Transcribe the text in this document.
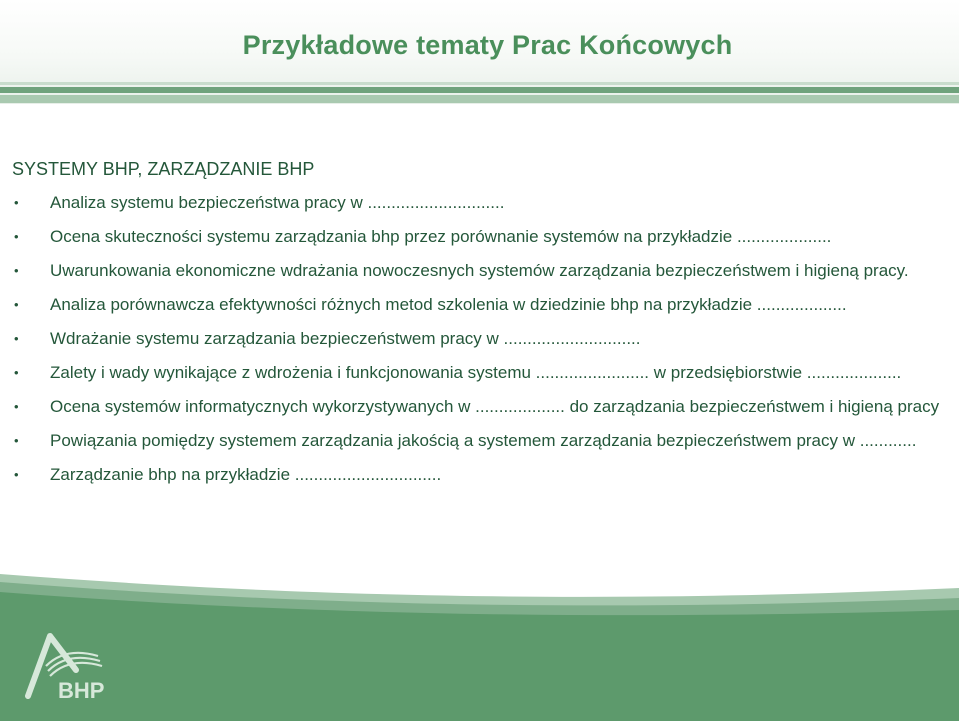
Przykładowe tematy Prac Końcowych
SYSTEMY BHP, ZARZĄDZANIE BHP
•	Analiza systemu bezpieczeństwa pracy w .............................
•	Ocena skuteczności systemu zarządzania bhp przez porównanie systemów na przykładzie ....................
•	Uwarunkowania ekonomiczne wdrażania nowoczesnych systemów zarządzania bezpieczeństwem i higieną pracy.
•	Analiza porównawcza efektywności różnych metod szkolenia w dziedzinie bhp na przykładzie ...................
•	Wdrażanie systemu zarządzania bezpieczeństwem pracy w .............................
•	Zalety i wady wynikające z wdrożenia i funkcjonowania systemu ........................ w przedsiębiorstwie ....................
•	Ocena systemów informatycznych wykorzystywanych w ................... do zarządzania bezpieczeństwem i higieną pracy
•	Powiązania pomiędzy systemem zarządzania jakością a systemem zarządzania bezpieczeństwem pracy w ............
•	Zarządzanie bhp na przykładzie ...............................
BHP
